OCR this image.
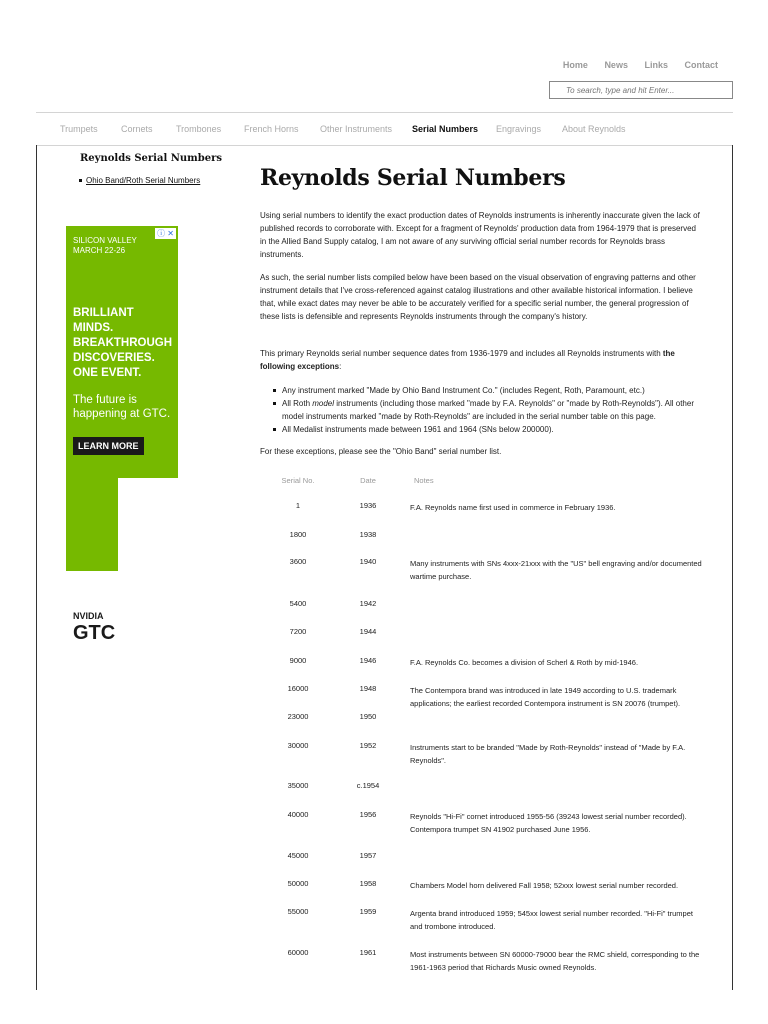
Home News Links Contact
To search, type and hit Enter...
Trumpets	Cornets	Trombones	French Horns Other Instruments Serial Numbers Engravings About Reynolds
Reynolds Serial Numbers
Ohio Band/Roth Serial Numbers
SILICON VALLEY
MARCH 22-26
ⓘ ✕
BRILLIANT
MINDS.
BREAKTHROUGH
DISCOVERIES.
ONE EVENT.
The future is
happening at GTC.
LEARN MORE
NVIDIA
GTC
Reynolds Serial Numbers

Using serial numbers to identify the exact production dates of Reynolds instruments is inherently inaccurate given the lack of published records to corroborate with. Except for a fragment of Reynolds' production data from 1964-1979 that is preserved in the Allied Band Supply catalog, I am not aware of any surviving official serial number records for Reynolds brass instruments.

As such, the serial number lists compiled below have been based on the visual observation of engraving patterns and other instrument details that I've cross-referenced against catalog illustrations and other available historical information. I believe that, while exact dates may never be able to be accurately verified for a specific serial number, the general progression of these lists is defensible and represents Reynolds instruments through the company's history.

This primary Reynolds serial number sequence dates from 1936-1979 and includes all Reynolds instruments with the following exceptions:

Any instrument marked "Made by Ohio Band Instrument Co." (includes Regent, Roth, Paramount, etc.)
All Roth model instruments (including those marked "made by F.A. Reynolds" or "made by Roth-Reynolds"). All other model instruments marked "made by Roth-Reynolds" are included in the serial number table on this page.
All Medalist instruments made between 1961 and 1964 (SNs below 200000).

For these exceptions, please see the "Ohio Band" serial number list.

Serial No.	Date	Notes
1	1936	F.A. Reynolds name first used in commerce in February 1936.
1800	1938
3600	1940	Many instruments with SNs 4xxx-21xxx with the "US" bell engraving and/or documented wartime purchase.
5400	1942
7200	1944
9000	1946	F.A. Reynolds Co. becomes a division of Scherl & Roth by mid-1946.
16000	1948	The Contempora brand was introduced in late 1949 according to U.S. trademark applications; the earliest recorded Contempora instrument is SN 20076 (trumpet).
23000	1950
30000	1952	Instruments start to be branded "Made by Roth-Reynolds" instead of "Made by F.A. Reynolds".
35000	c.1954
40000	1956	Reynolds "Hi-Fi" cornet introduced 1955-56 (39243 lowest serial number recorded). Contempora trumpet SN 41902 purchased June 1956.
45000	1957
50000	1958	Chambers Model horn delivered Fall 1958; 52xxx lowest serial number recorded.
55000	1959	Argenta brand introduced 1959; 545xx lowest serial number recorded. "Hi-Fi" trumpet and trombone introduced.
60000	1961	Most instruments between SN 60000-79000 bear the RMC shield, corresponding to the 1961-1963 period that Richards Music owned Reynolds.
